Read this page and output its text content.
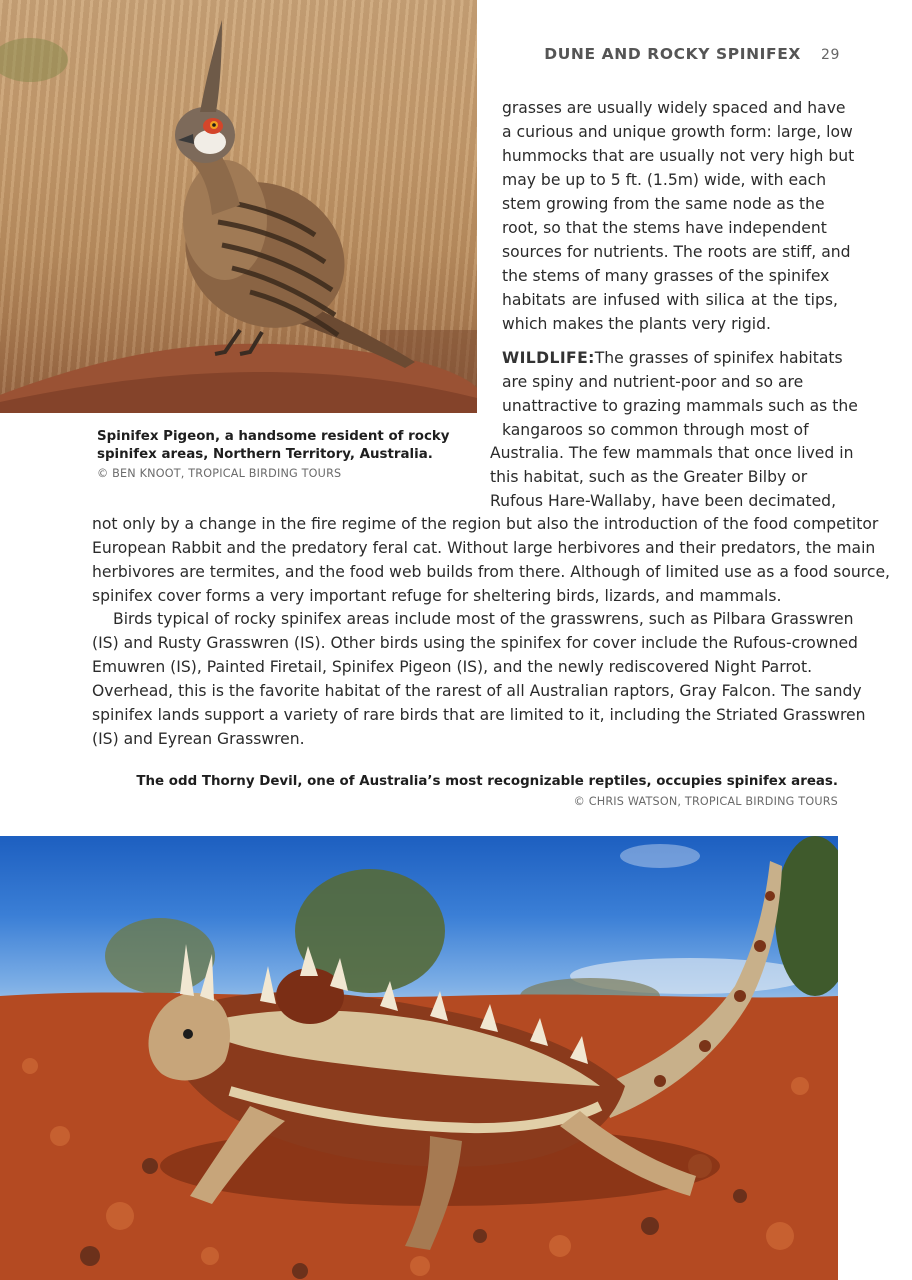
DUNE AND ROCKY SPINIFEX 29
grasses are usually widely spaced and have
a curious and unique growth form: large, low
hummocks that are usually not very high but
may be up to 5 ft. (1.5m) wide, with each
stem growing from the same node as the
root, so that the stems have independent
sources for nutrients. The roots are stiff, and
the stems of many grasses of the spinifex
habitats are infused with silica at the tips,
which makes the plants very rigid.
WILDLIFE: The grasses of spinifex habitats
are spiny and nutrient-poor and so are
unattractive to grazing mammals such as the
kangaroos so common through most of
Australia. The few mammals that once lived in
this habitat, such as the Greater Bilby or
Rufous Hare-Wallaby, have been decimated,
not only by a change in the fire regime of the region but also the introduction of the food competitor
European Rabbit and the predatory feral cat. Without large herbivores and their predators, the main
herbivores are termites, and the food web builds from there. Although of limited use as a food source,
spinifex cover forms a very important refuge for sheltering birds, lizards, and mammals.
Birds typical of rocky spinifex areas include most of the grasswrens, such as Pilbara Grasswren
(IS) and Rusty Grasswren (IS). Other birds using the spinifex for cover include the Rufous-crowned
Emuwren (IS), Painted Firetail, Spinifex Pigeon (IS), and the newly rediscovered Night Parrot.
Overhead, this is the favorite habitat of the rarest of all Australian raptors, Gray Falcon. The sandy
spinifex lands support a variety of rare birds that are limited to it, including the Striated Grasswren
(IS) and Eyrean Grasswren.
Spinifex Pigeon, a handsome resident of rocky
spinifex areas, Northern Territory, Australia.
© BEN KNOOT, TROPICAL BIRDING TOURS
The odd Thorny Devil, one of Australia’s most recognizable reptiles, occupies spinifex areas.
© CHRIS WATSON, TROPICAL BIRDING TOURS
